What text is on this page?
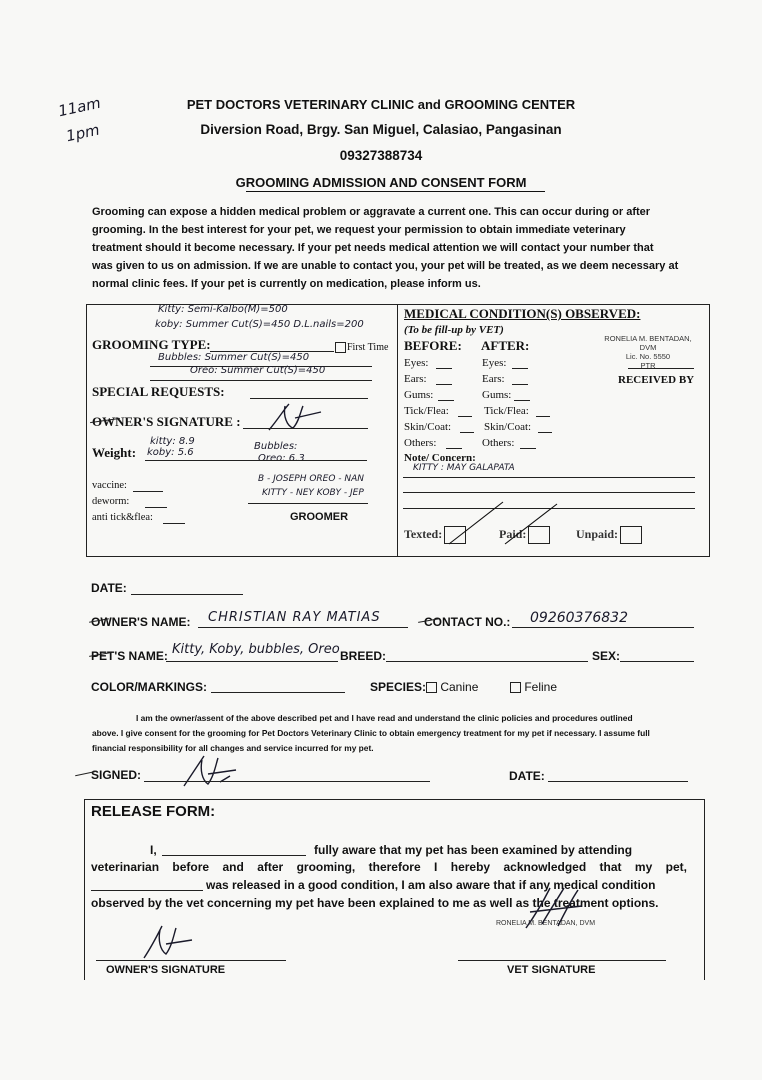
11am
1pm
PET DOCTORS VETERINARY CLINIC and GROOMING CENTER
Diversion Road, Brgy. San Miguel, Calasiao, Pangasinan
09327388734
GROOMING ADMISSION AND CONSENT FORM
Grooming can expose a hidden medical problem or aggravate a current one. This can occur during or after
grooming. In the best interest for your pet, we request your permission to obtain immediate veterinary
treatment should it become necessary. If your pet needs medical attention we will contact your number that
was given to us on admission. If we are unable to contact you, your pet will be treated, as we deem necessary at
normal clinic fees. If your pet is currently on medication, please inform us.
Kitty: Semi-Kalbo(M)=500
koby: Summer Cut(S)=450 D.L.nails=200
GROOMING TYPE:	First Time
Bubbles: Summer Cut(S)=450
Oreo: Summer Cut(S)=450
SPECIAL REQUESTS:
OWNER'S SIGNATURE :
Weight:
kitty: 8.9
koby: 5.6
Bubbles:
Oreo: 6.3
vaccine:
deworm:
anti tick&flea:
B - JOSEPH OREO - NAN
KITTY - NEY KOBY - JEP
GROOMER
MEDICAL CONDITION(S) OBSERVED:
(To be fill-up by VET)
BEFORE: AFTER:	RONELIA M. BENTADAN, DVM
Lic. No. 5550
PTR
RECEIVED BY
Eyes:	Eyes:
Ears:	Ears:
Gums:	Gums:
Tick/Flea:	Tick/Flea:
Skin/Coat:	Skin/Coat:
Others:	Others:
Note/ Concern:
KITTY : MAY GALAPATA
Texted:	Paid:	Unpaid:
DATE:
OWNER'S NAME: CHRISTIAN RAY MATIAS	CONTACT NO.: 09260376832
PET'S NAME: Kitty, Koby, bubbles, Oreo BREED:	SEX:
COLOR/MARKINGS:	SPECIES:	Canine	Feline
I am the owner/assent of the above described pet and I have read and understand the clinic policies and procedures outlined
above. I give consent for the grooming for Pet Doctors Veterinary Clinic to obtain emergency treatment for my pet if necessary. I assume full
financial responsibility for all changes and service incurred for my pet.
SIGNED:	DATE:
RELEASE FORM:
I,	fully aware that my pet has been examined by attending
veterinarian before and after grooming, therefore I hereby acknowledged that my pet,
was released in a good condition, I am also aware that if any medical condition
observed by the vet concerning my pet have been explained to me as well as the treatment options.
OWNER'S SIGNATURE
RONELIA M. BENTADAN, DVM
VET SIGNATURE
